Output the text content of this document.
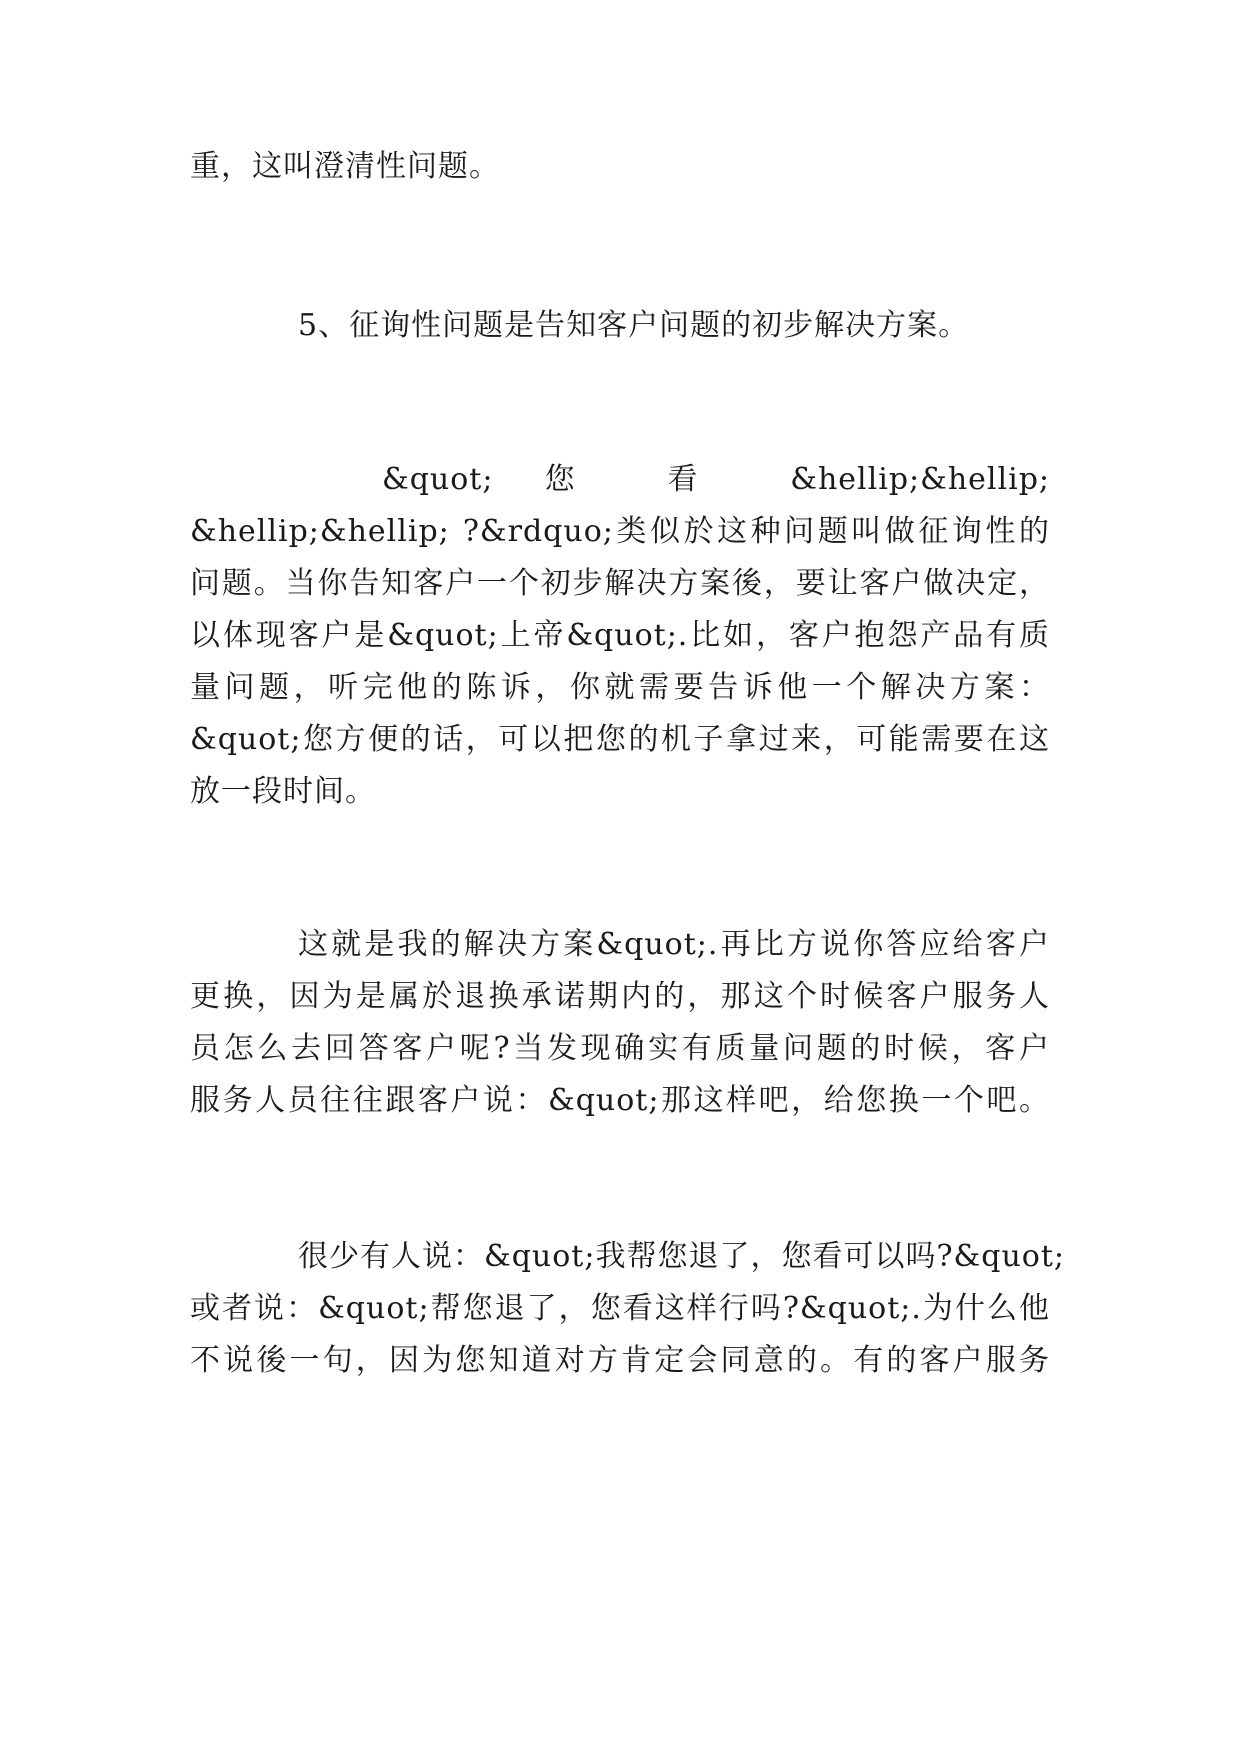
重，这叫澄清性问题。

5、征询性问题是告知客户问题的初步解决方案。

&quot; 您 看 &hellip;&hellip;

&hellip;&hellip; ?&rdquo;类似於这种问题叫做征询性的

问题。当你告知客户一个初步解决方案後，要让客户做决定，

以体现客户是&quot;上帝&quot;.比如，客户抱怨产品有质

量问题，听完他的陈诉，你就需要告诉他一个解决方案：

&quot;您方便的话，可以把您的机子拿过来，可能需要在这

放一段时间。

这就是我的解决方案&quot;.再比方说你答应给客户

更换，因为是属於退换承诺期内的，那这个时候客户服务人

员怎么去回答客户呢?当发现确实有质量问题的时候，客户

服务人员往往跟客户说：&quot;那这样吧，给您换一个吧。

很少有人说：&quot;我帮您退了，您看可以吗?&quot;

或者说：&quot;帮您退了，您看这样行吗?&quot;.为什么他

不说後一句，因为您知道对方肯定会同意的。有的客户服务
